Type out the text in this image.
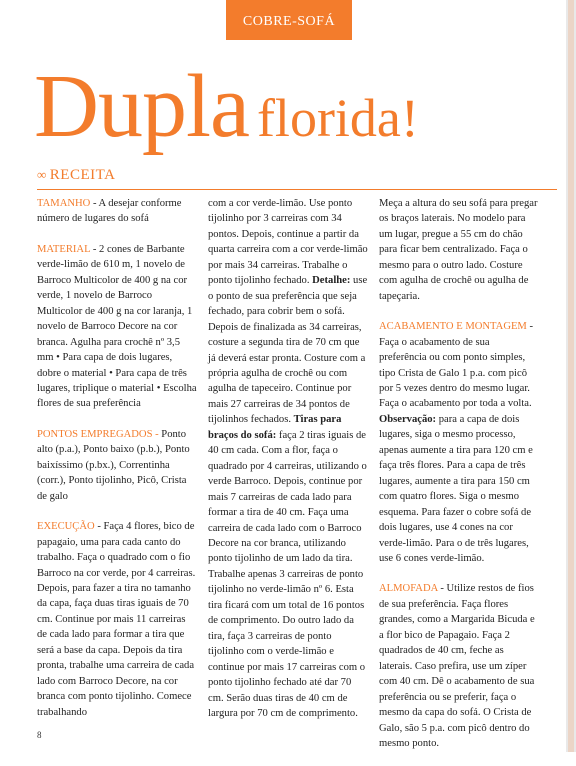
COBRE-SOFÁ
Dupla florida!
∞ RECEITA

TAMANHO - A desejar conforme número de lugares do sofá

MATERIAL - 2 cones de Barbante verde-limão de 610 m, 1 novelo de Barroco Multicolor de 400 g na cor verde, 1 novelo de Barroco Multicolor de 400 g na cor laranja, 1 novelo de Barroco Decore na cor branca. Agulha para crochê nº 3,5 mm • Para capa de dois lugares, dobre o material • Para capa de três lugares, triplique o material • Escolha flores de sua preferência

PONTOS EMPREGADOS - Ponto alto (p.a.), Ponto baixo (p.b.), Ponto baixíssimo (p.bx.), Correntinha (corr.), Ponto tijolinho, Picô, Crista de galo

EXECUÇÃO - Faça 4 flores, bico de papagaio, uma para cada canto do trabalho. Faça o quadrado com o fio Barroco na cor verde, por 4 carreiras. Depois, para fazer a tira no tamanho da capa, faça duas tiras iguais de 70 cm. Continue por mais 11 carreiras de cada lado para formar a tira que será a base da capa. Depois da tira pronta, trabalhe uma carreira de cada lado com Barroco Decore, na cor branca com ponto tijolinho. Comece trabalhando

com a cor verde-limão. Use ponto tijolinho por 3 carreiras com 34 pontos. Depois, continue a partir da quarta carreira com a cor verde-limão por mais 34 carreiras. Trabalhe o ponto tijolinho fechado. Detalhe: use o ponto de sua preferência que seja fechado, para cobrir bem o sofá. Depois de finalizada as 34 carreiras, costure a segunda tira de 70 cm que já deverá estar pronta. Costure com a própria agulha de crochê ou com agulha de tapeceiro. Continue por mais 27 carreiras de 34 pontos de tijolinhos fechados. Tiras para braços do sofá: faça 2 tiras iguais de 40 cm cada. Com a flor, faça o quadrado por 4 carreiras, utilizando o verde Barroco. Depois, continue por mais 7 carreiras de cada lado para formar a tira de 40 cm. Faça uma carreira de cada lado com o Barroco Decore na cor branca, utilizando ponto tijolinho de um lado da tira. Trabalhe apenas 3 carreiras de ponto tijolinho no verde-limão nº 6. Esta tira ficará com um total de 16 pontos de comprimento. Do outro lado da tira, faça 3 carreiras de ponto tijolinho com o verde-limão e continue por mais 17 carreiras com o ponto tijolinho fechado até dar 70 cm. Serão duas tiras de 40 cm de largura por 70 cm de comprimento.

Meça a altura do seu sofá para pregar os braços laterais. No modelo para um lugar, pregue a 55 cm do chão para ficar bem centralizado. Faça o mesmo para o outro lado. Costure com agulha de crochê ou agulha de tapeçaria.

ACABAMENTO E MONTAGEM - Faça o acabamento de sua preferência ou com ponto simples, tipo Crista de Galo 1 p.a. com picô por 5 vezes dentro do mesmo lugar. Faça o acabamento por toda a volta. Observação: para a capa de dois lugares, siga o mesmo processo, apenas aumente a tira para 120 cm e faça três flores. Para a capa de três lugares, aumente a tira para 150 cm com quatro flores. Siga o mesmo esquema. Para fazer o cobre sofá de dois lugares, use 4 cones na cor verde-limão. Para o de três lugares, use 6 cones verde-limão.

ALMOFADA - Utilize restos de fios de sua preferência. Faça flores grandes, como a Margarida Bicuda e a flor bico de Papagaio. Faça 2 quadrados de 40 cm, feche as laterais. Caso prefira, use um zíper com 40 cm. Dê o acabamento de sua preferência ou se preferir, faça o mesmo da capa do sofá. O Crista de Galo, são 5 p.a. com picô dentro do mesmo ponto.

8
